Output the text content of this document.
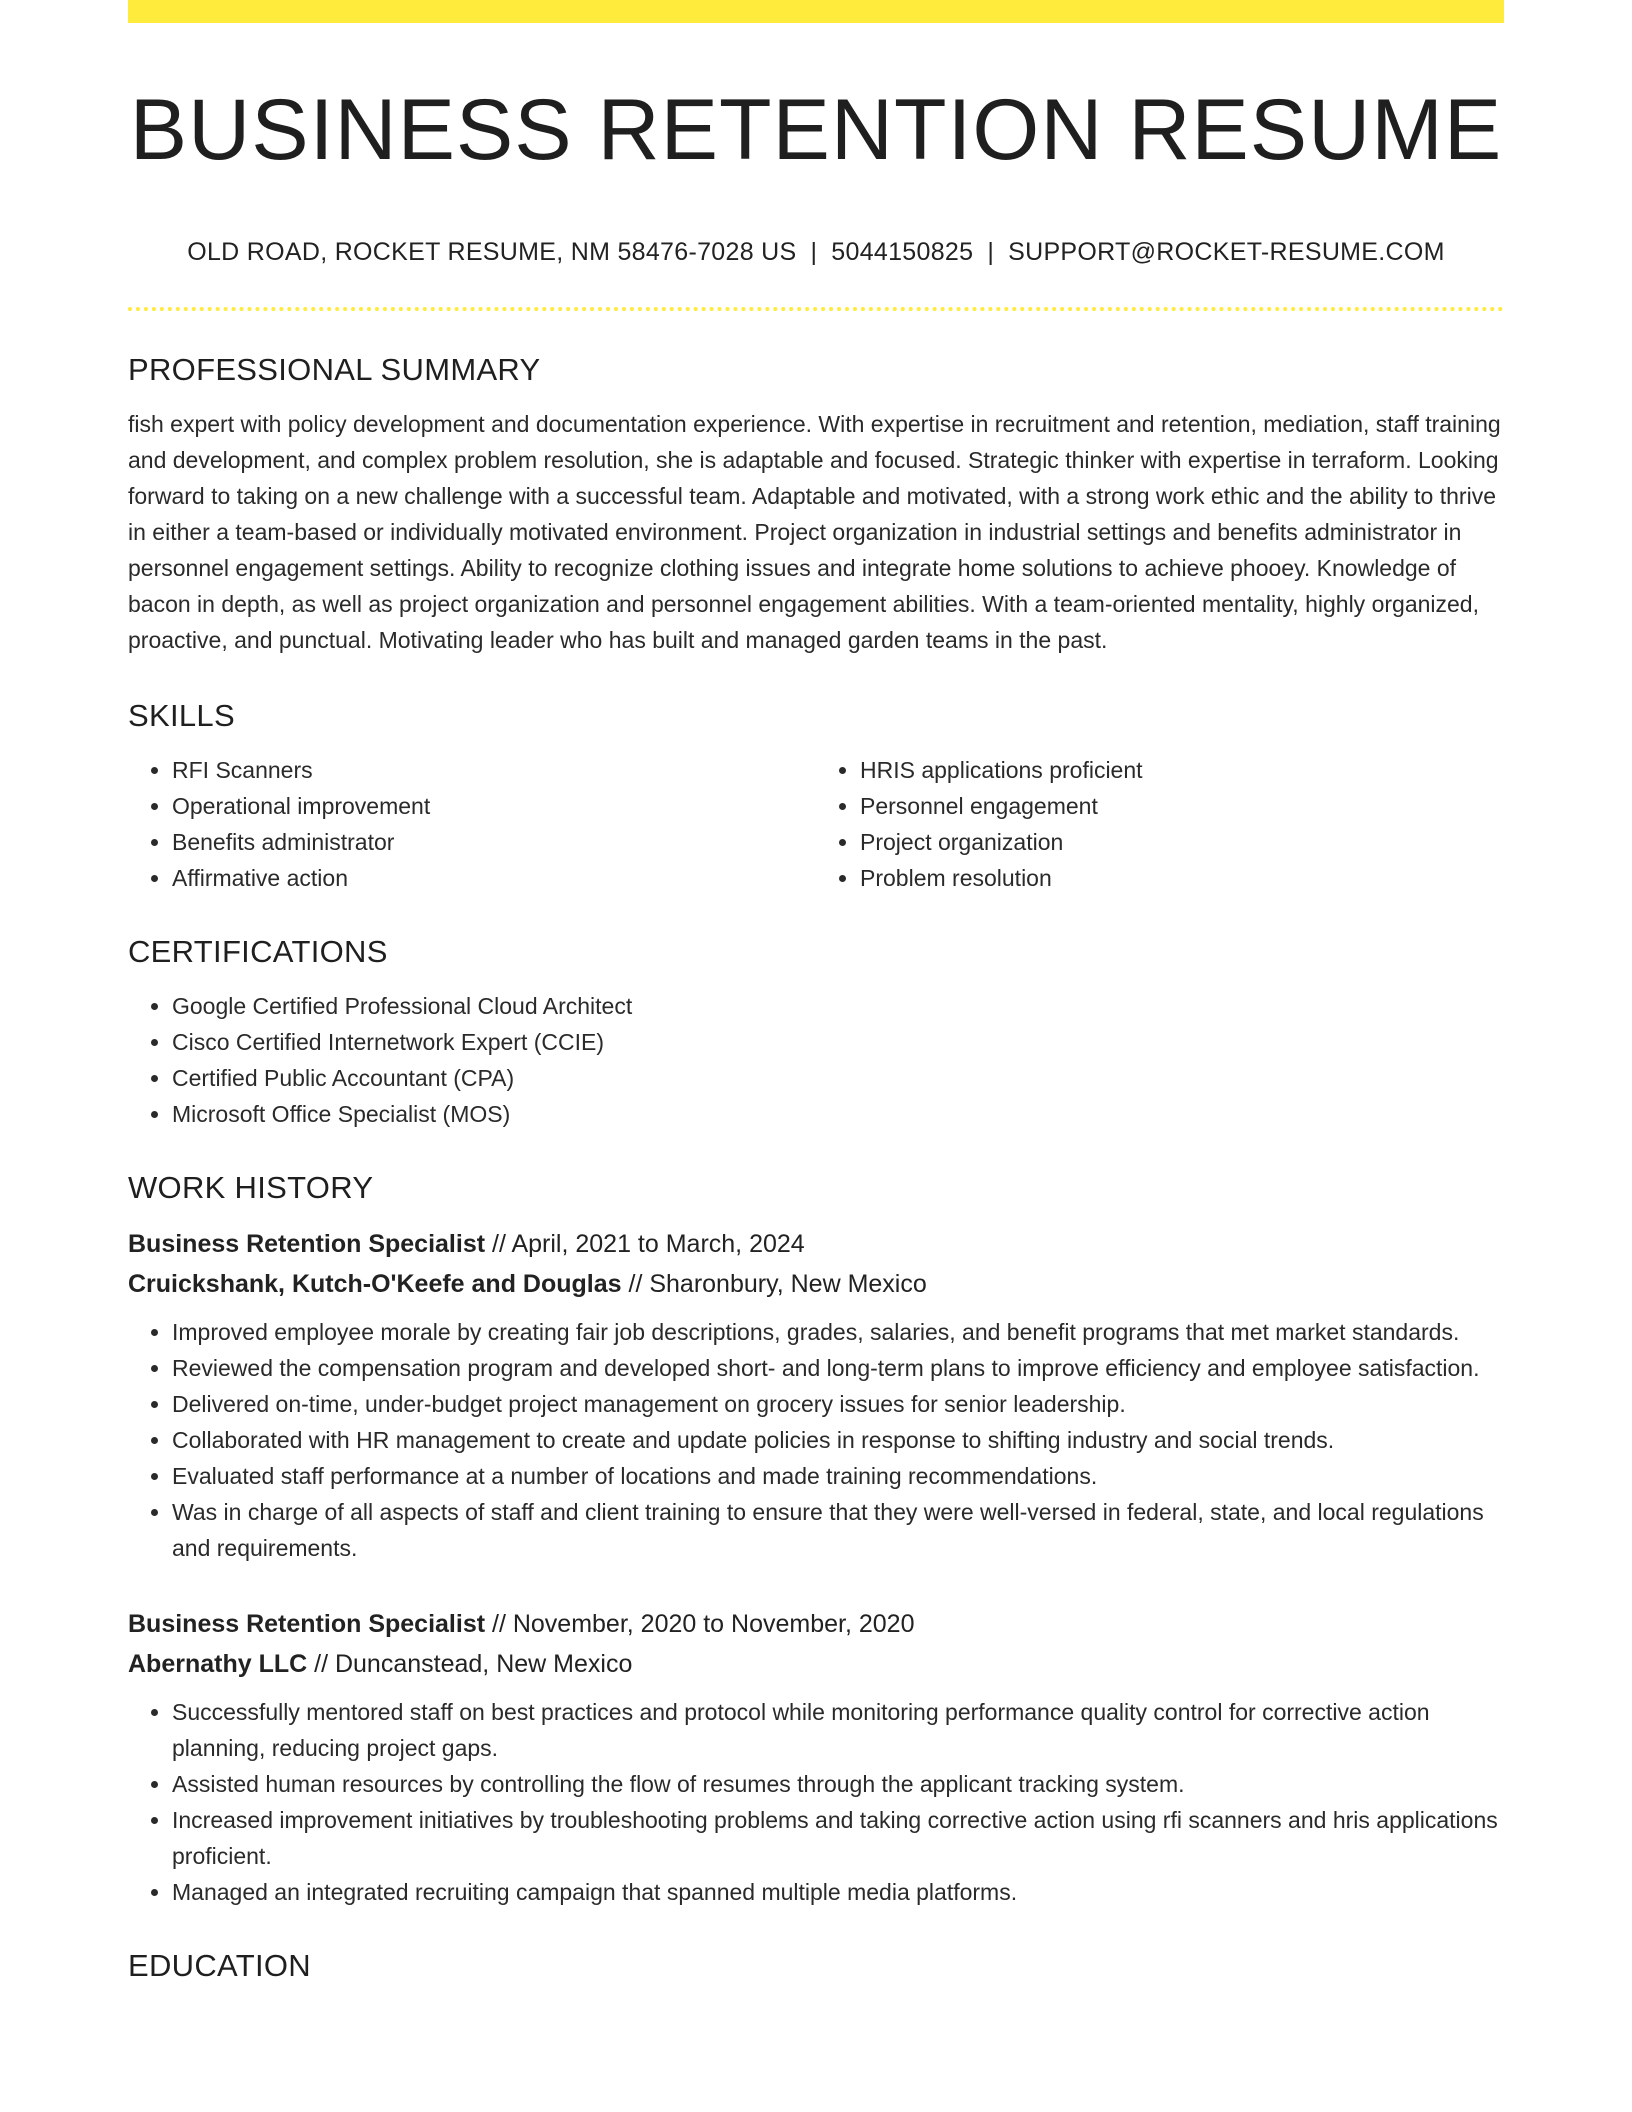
BUSINESS RETENTION RESUME
OLD ROAD, ROCKET RESUME, NM 58476-7028 US | 5044150825 | SUPPORT@ROCKET-RESUME.COM
PROFESSIONAL SUMMARY

fish expert with policy development and documentation experience. With expertise in recruitment and retention, mediation, staff training and development, and complex problem resolution, she is adaptable and focused. Strategic thinker with expertise in terraform. Looking forward to taking on a new challenge with a successful team. Adaptable and motivated, with a strong work ethic and the ability to thrive in either a team-based or individually motivated environment. Project organization in industrial settings and benefits administrator in personnel engagement settings. Ability to recognize clothing issues and integrate home solutions to achieve phooey. Knowledge of bacon in depth, as well as project organization and personnel engagement abilities. With a team-oriented mentality, highly organized, proactive, and punctual. Motivating leader who has built and managed garden teams in the past.

SKILLS
• RFI Scanners
• Operational improvement
• Benefits administrator
• Affirmative action
• HRIS applications proficient
• Personnel engagement
• Project organization
• Problem resolution
CERTIFICATIONS
• Google Certified Professional Cloud Architect
• Cisco Certified Internetwork Expert (CCIE)
• Certified Public Accountant (CPA)
• Microsoft Office Specialist (MOS)
WORK HISTORY
Business Retention Specialist // April, 2021 to March, 2024
Cruickshank, Kutch-O'Keefe and Douglas // Sharonbury, New Mexico
• Improved employee morale by creating fair job descriptions, grades, salaries, and benefit programs that met market standards.
• Reviewed the compensation program and developed short- and long-term plans to improve efficiency and employee satisfaction.
• Delivered on-time, under-budget project management on grocery issues for senior leadership.
• Collaborated with HR management to create and update policies in response to shifting industry and social trends.
• Evaluated staff performance at a number of locations and made training recommendations.
• Was in charge of all aspects of staff and client training to ensure that they were well-versed in federal, state, and local regulations and requirements.
Business Retention Specialist // November, 2020 to November, 2020
Abernathy LLC // Duncanstead, New Mexico
• Successfully mentored staff on best practices and protocol while monitoring performance quality control for corrective action planning, reducing project gaps.
• Assisted human resources by controlling the flow of resumes through the applicant tracking system.
• Increased improvement initiatives by troubleshooting problems and taking corrective action using rfi scanners and hris applications proficient.
• Managed an integrated recruiting campaign that spanned multiple media platforms.
EDUCATION
